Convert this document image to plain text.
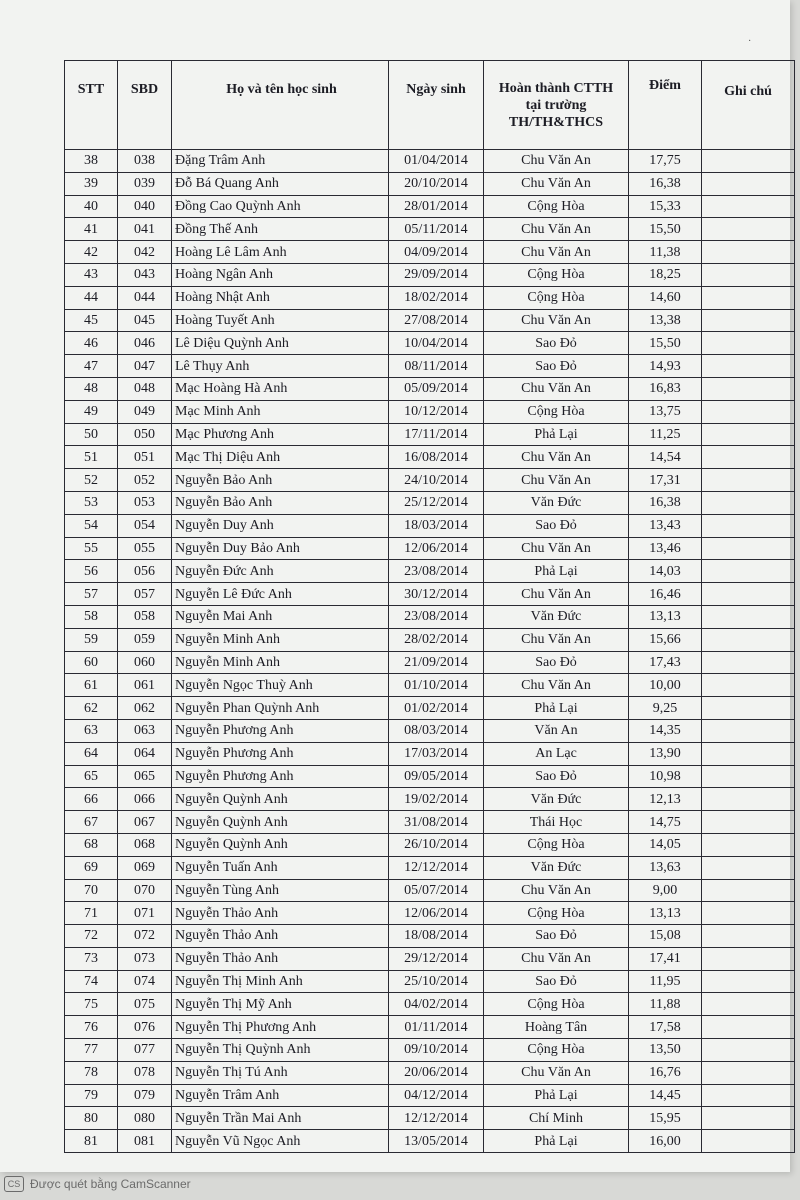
·
STT	SBD	Họ và tên học sinh	Ngày sinh	Hoàn thành CTTH
tại trường
TH/TH&THCS	Điểm	Ghi chú
38	038	Đặng Trâm Anh	01/04/2014	Chu Văn An	17,75	
39	039	Đỗ Bá Quang Anh	20/10/2014	Chu Văn An	16,38	
40	040	Đồng Cao Quỳnh Anh	28/01/2014	Cộng Hòa	15,33	
41	041	Đồng Thế Anh	05/11/2014	Chu Văn An	15,50	
42	042	Hoàng Lê Lâm Anh	04/09/2014	Chu Văn An	11,38	
43	043	Hoàng Ngân Anh	29/09/2014	Cộng Hòa	18,25	
44	044	Hoàng Nhật Anh	18/02/2014	Cộng Hòa	14,60	
45	045	Hoàng Tuyết Anh	27/08/2014	Chu Văn An	13,38	
46	046	Lê Diệu Quỳnh Anh	10/04/2014	Sao Đỏ	15,50	
47	047	Lê Thụy Anh	08/11/2014	Sao Đỏ	14,93	
48	048	Mạc Hoàng Hà Anh	05/09/2014	Chu Văn An	16,83	
49	049	Mạc Minh Anh	10/12/2014	Cộng Hòa	13,75	
50	050	Mạc Phương Anh	17/11/2014	Phả Lại	11,25	
51	051	Mạc Thị Diệu Anh	16/08/2014	Chu Văn An	14,54	
52	052	Nguyễn Bảo Anh	24/10/2014	Chu Văn An	17,31	
53	053	Nguyễn Bảo Anh	25/12/2014	Văn Đức	16,38	
54	054	Nguyễn Duy Anh	18/03/2014	Sao Đỏ	13,43	
55	055	Nguyễn Duy Bảo Anh	12/06/2014	Chu Văn An	13,46	
56	056	Nguyễn Đức Anh	23/08/2014	Phả Lại	14,03	
57	057	Nguyễn Lê Đức Anh	30/12/2014	Chu Văn An	16,46	
58	058	Nguyễn Mai Anh	23/08/2014	Văn Đức	13,13	
59	059	Nguyễn Minh Anh	28/02/2014	Chu Văn An	15,66	
60	060	Nguyễn Minh Anh	21/09/2014	Sao Đỏ	17,43	
61	061	Nguyễn Ngọc Thuỳ Anh	01/10/2014	Chu Văn An	10,00	
62	062	Nguyễn Phan Quỳnh Anh	01/02/2014	Phả Lại	9,25	
63	063	Nguyễn Phương Anh	08/03/2014	Văn An	14,35	
64	064	Nguyễn Phương Anh	17/03/2014	An Lạc	13,90	
65	065	Nguyễn Phương Anh	09/05/2014	Sao Đỏ	10,98	
66	066	Nguyễn Quỳnh Anh	19/02/2014	Văn Đức	12,13	
67	067	Nguyễn Quỳnh Anh	31/08/2014	Thái Học	14,75	
68	068	Nguyễn Quỳnh Anh	26/10/2014	Cộng Hòa	14,05	
69	069	Nguyễn Tuấn Anh	12/12/2014	Văn Đức	13,63	
70	070	Nguyễn Tùng Anh	05/07/2014	Chu Văn An	9,00	
71	071	Nguyễn Thảo Anh	12/06/2014	Cộng Hòa	13,13	
72	072	Nguyễn Thảo Anh	18/08/2014	Sao Đỏ	15,08	
73	073	Nguyễn Thảo Anh	29/12/2014	Chu Văn An	17,41	
74	074	Nguyễn Thị Minh Anh	25/10/2014	Sao Đỏ	11,95	
75	075	Nguyễn Thị Mỹ Anh	04/02/2014	Cộng Hòa	11,88	
76	076	Nguyễn Thị Phương Anh	01/11/2014	Hoàng Tân	17,58	
77	077	Nguyễn Thị Quỳnh Anh	09/10/2014	Cộng Hòa	13,50	
78	078	Nguyễn Thị Tú Anh	20/06/2014	Chu Văn An	16,76	
79	079	Nguyễn Trâm Anh	04/12/2014	Phả Lại	14,45	
80	080	Nguyễn Trần Mai Anh	12/12/2014	Chí Minh	15,95	
81	081	Nguyễn Vũ Ngọc Anh	13/05/2014	Phả Lại	16,00	
CS Được quét bằng CamScanner
